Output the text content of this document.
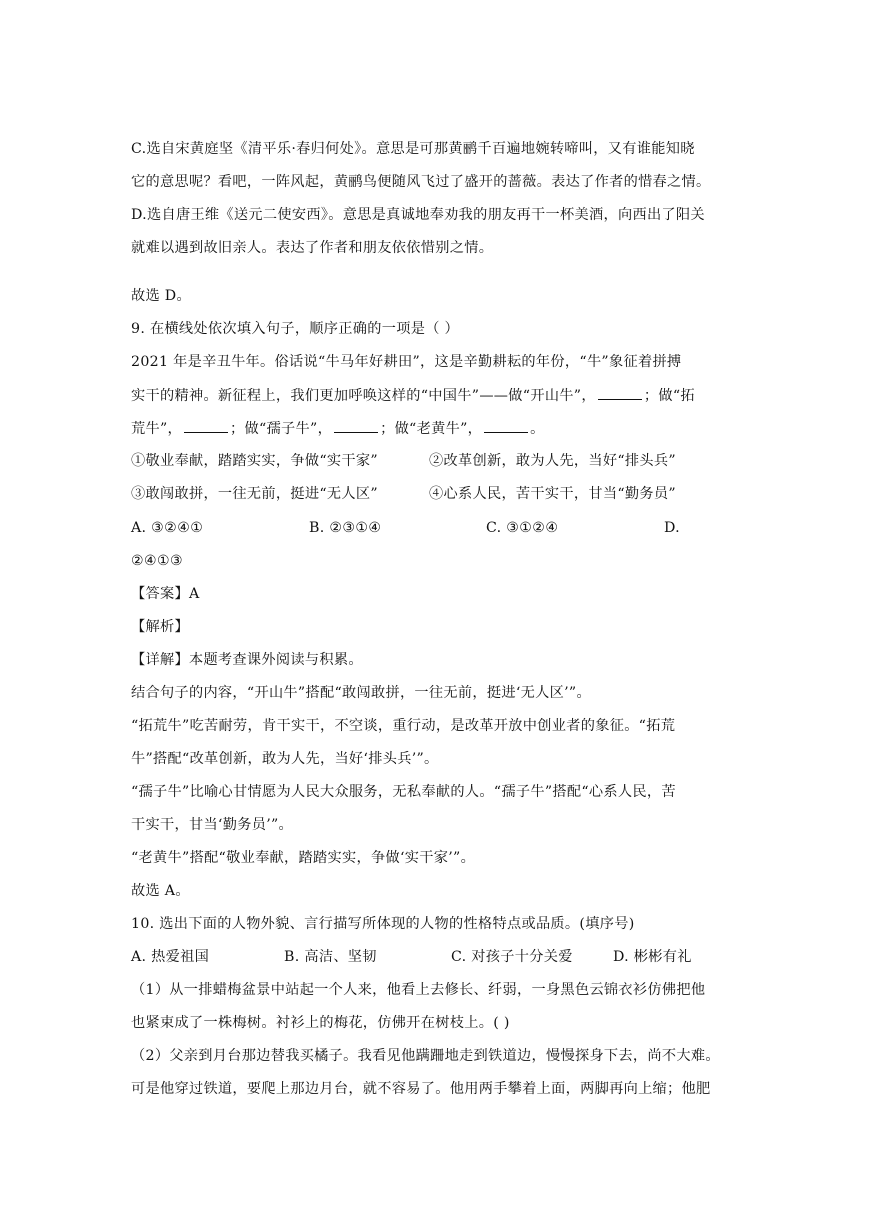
C.选自宋黄庭坚《清平乐·春归何处》。意思是可那黄鹂千百遍地婉转啼叫，又有谁能知晓
它的意思呢？看吧，一阵风起，黄鹂鸟便随风飞过了盛开的蔷薇。表达了作者的惜春之情。
D.选自唐王维《送元二使安西》。意思是真诚地奉劝我的朋友再干一杯美酒，向西出了阳关
就难以遇到故旧亲人。表达了作者和朋友依依惜别之情。
故选 D。
9. 在横线处依次填入句子，顺序正确的一项是（ ）
2021 年是辛丑牛年。俗话说“牛马年好耕田”，这是辛勤耕耘的年份，“牛”象征着拼搏
实干的精神。新征程上，我们更加呼唤这样的“中国牛”——做“开山牛”，	；做“拓
荒牛”，	；做“孺子牛”，	；做“老黄牛”，	。
①敬业奉献，踏踏实实，争做“实干家”	②改革创新，敢为人先，当好“排头兵”
③敢闯敢拼，一往无前，挺进“无人区”	④心系人民，苦干实干，甘当“勤务员”
A. ③②④①	B. ②③①④	C. ③①②④	D.
②④①③
【答案】A
【解析】
【详解】本题考查课外阅读与积累。
结合句子的内容，“开山牛”搭配“敢闯敢拼，一往无前，挺进‘无人区’”。
“拓荒牛”吃苦耐劳，肯干实干，不空谈，重行动，是改革开放中创业者的象征。“拓荒
牛”搭配“改革创新，敢为人先，当好‘排头兵’”。
“孺子牛”比喻心甘情愿为人民大众服务，无私奉献的人。“孺子牛”搭配“心系人民，苦
干实干，甘当‘勤务员’”。
“老黄牛”搭配“敬业奉献，踏踏实实，争做‘实干家’”。
故选 A。
10. 选出下面的人物外貌、言行描写所体现的人物的性格特点或品质。(填序号)
A. 热爱祖国	B. 高洁、坚韧	C. 对孩子十分关爱	D. 彬彬有礼
（1）从一排蜡梅盆景中站起一个人来，他看上去修长、纤弱，一身黑色云锦衣衫仿佛把他
也紧束成了一株梅树。衬衫上的梅花，仿佛开在树枝上。( )
（2）父亲到月台那边替我买橘子。我看见他蹒跚地走到铁道边，慢慢探身下去，尚不大难。
可是他穿过铁道，要爬上那边月台，就不容易了。他用两手攀着上面，两脚再向上缩；他肥
